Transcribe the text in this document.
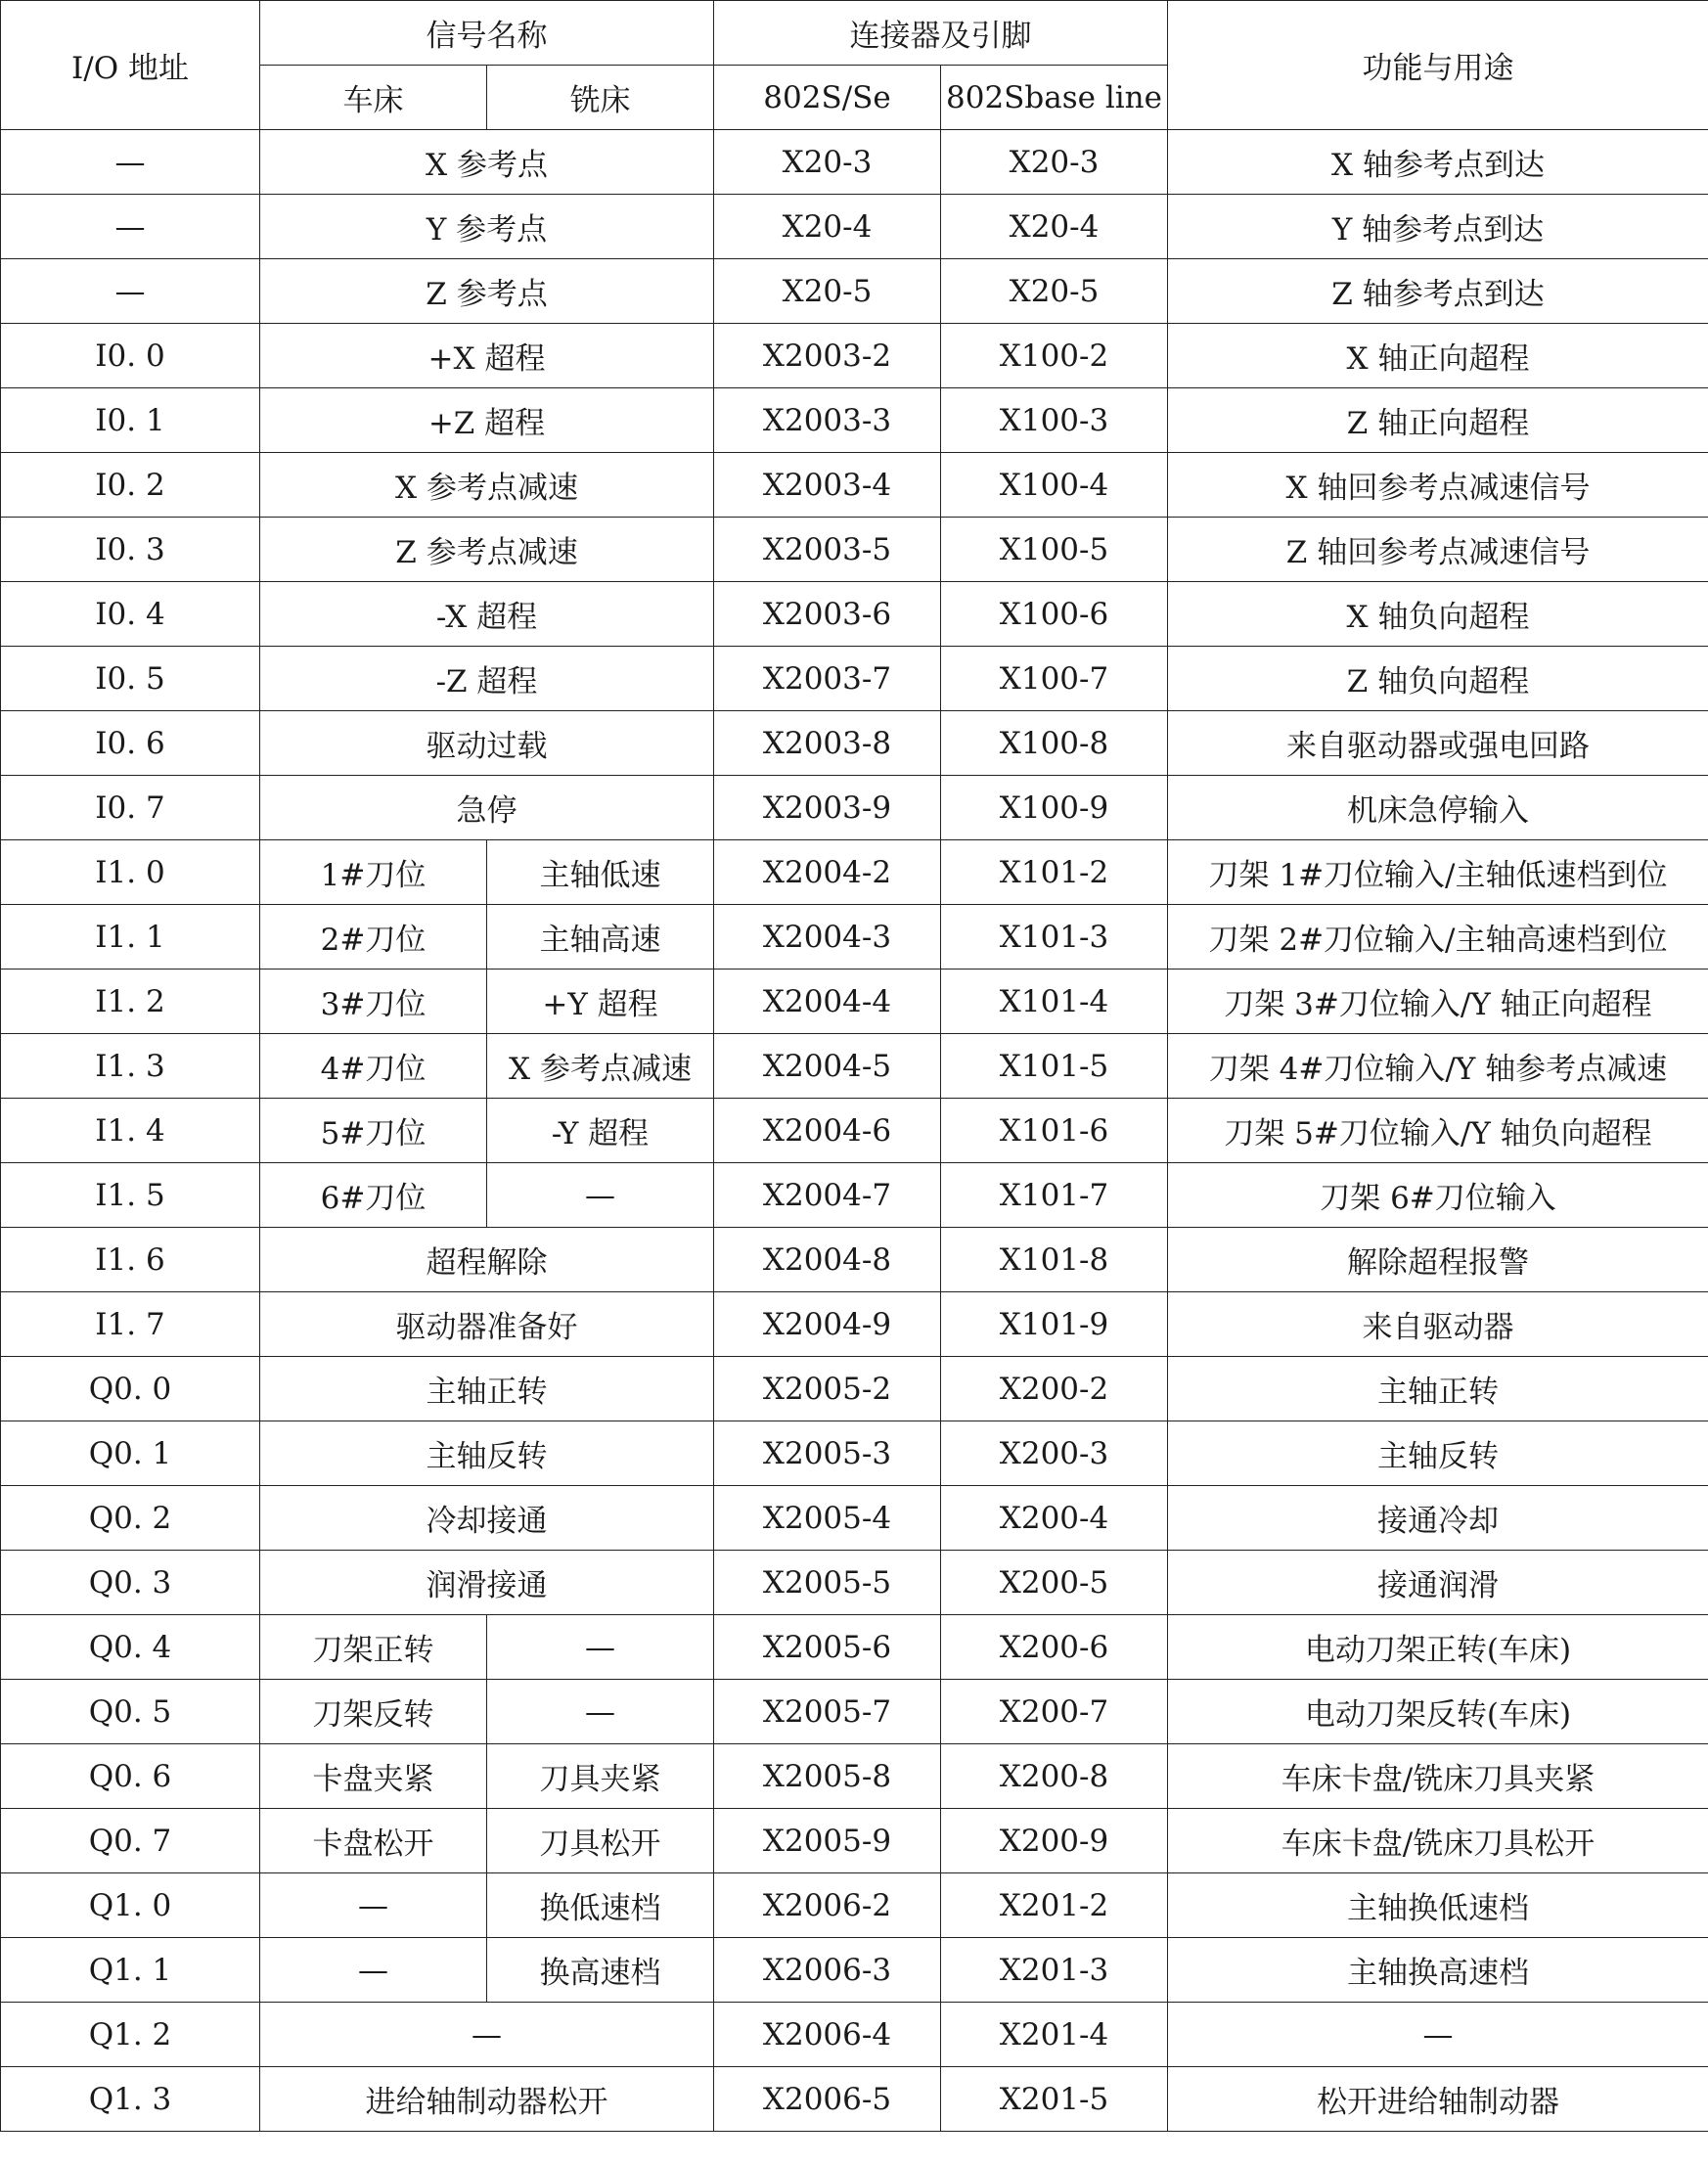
I/O 地址	信号名称		连接器及引脚		功能与用途
	车床	铣床	802S/Se	802Sbase line	
—	X 参考点		X20-3	X20-3	X 轴参考点到达
—	Y 参考点		X20-4	X20-4	Y 轴参考点到达
—	Z 参考点		X20-5	X20-5	Z 轴参考点到达
I0. 0	+X 超程		X2003-2	X100-2	X 轴正向超程
I0. 1	+Z 超程		X2003-3	X100-3	Z 轴正向超程
I0. 2	X 参考点减速		X2003-4	X100-4	X 轴回参考点减速信号
I0. 3	Z 参考点减速		X2003-5	X100-5	Z 轴回参考点减速信号
I0. 4	-X 超程		X2003-6	X100-6	X 轴负向超程
I0. 5	-Z 超程		X2003-7	X100-7	Z 轴负向超程
I0. 6	驱动过载		X2003-8	X100-8	来自驱动器或强电回路
I0. 7	急停		X2003-9	X100-9	机床急停输入
I1. 0	1#刀位	主轴低速	X2004-2	X101-2	刀架 1#刀位输入/主轴低速档到位
I1. 1	2#刀位	主轴高速	X2004-3	X101-3	刀架 2#刀位输入/主轴高速档到位
I1. 2	3#刀位	+Y 超程	X2004-4	X101-4	刀架 3#刀位输入/Y 轴正向超程
I1. 3	4#刀位	X 参考点减速	X2004-5	X101-5	刀架 4#刀位输入/Y 轴参考点减速
I1. 4	5#刀位	-Y 超程	X2004-6	X101-6	刀架 5#刀位输入/Y 轴负向超程
I1. 5	6#刀位	—	X2004-7	X101-7	刀架 6#刀位输入
I1. 6	超程解除		X2004-8	X101-8	解除超程报警
I1. 7	驱动器准备好		X2004-9	X101-9	来自驱动器
Q0. 0	主轴正转		X2005-2	X200-2	主轴正转
Q0. 1	主轴反转		X2005-3	X200-3	主轴反转
Q0. 2	冷却接通		X2005-4	X200-4	接通冷却
Q0. 3	润滑接通		X2005-5	X200-5	接通润滑
Q0. 4	刀架正转	—	X2005-6	X200-6	电动刀架正转(车床)
Q0. 5	刀架反转	—	X2005-7	X200-7	电动刀架反转(车床)
Q0. 6	卡盘夹紧	刀具夹紧	X2005-8	X200-8	车床卡盘/铣床刀具夹紧
Q0. 7	卡盘松开	刀具松开	X2005-9	X200-9	车床卡盘/铣床刀具松开
Q1. 0	—	换低速档	X2006-2	X201-2	主轴换低速档
Q1. 1	—	换高速档	X2006-3	X201-3	主轴换高速档
Q1. 2	—		X2006-4	X201-4	—
Q1. 3	进给轴制动器松开		X2006-5	X201-5	松开进给轴制动器
